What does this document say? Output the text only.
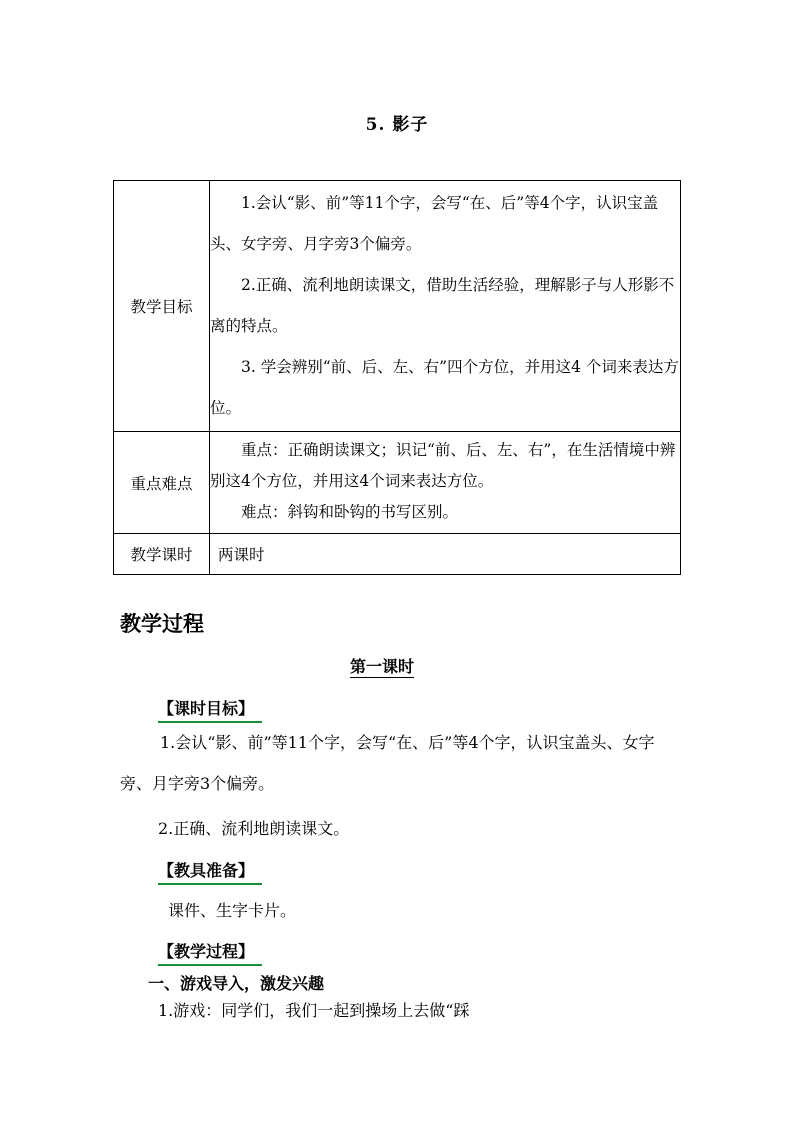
5. 影子
教学目标	1.会认“影、前”等11个字，会写“在、后”等4个字，认识宝盖头、女字旁、月字旁3个偏旁。
2.正确、流利地朗读课文，借助生活经验，理解影子与人形影不离的特点。
3. 学会辨别“前、后、左、右”四个方位，并用这4 个词来表达方位。

重点难点	重点：正确朗读课文；识记“前、后、左、右”，在生活情境中辨别这4个方位，并用这4个词来表达方位。
难点：斜钩和卧钩的书写区别。

教学课时	两课时
教学过程
第一课时
【课时目标】
1.会认“影、前”等11个字，会写“在、后”等4个字，认识宝盖头、女字旁、月字旁3个偏旁。
2.正确、流利地朗读课文。
【教具准备】
课件、生字卡片。
【教学过程】
一、游戏导入，激发兴趣
1.游戏：同学们，我们一起到操场上去做“踩
